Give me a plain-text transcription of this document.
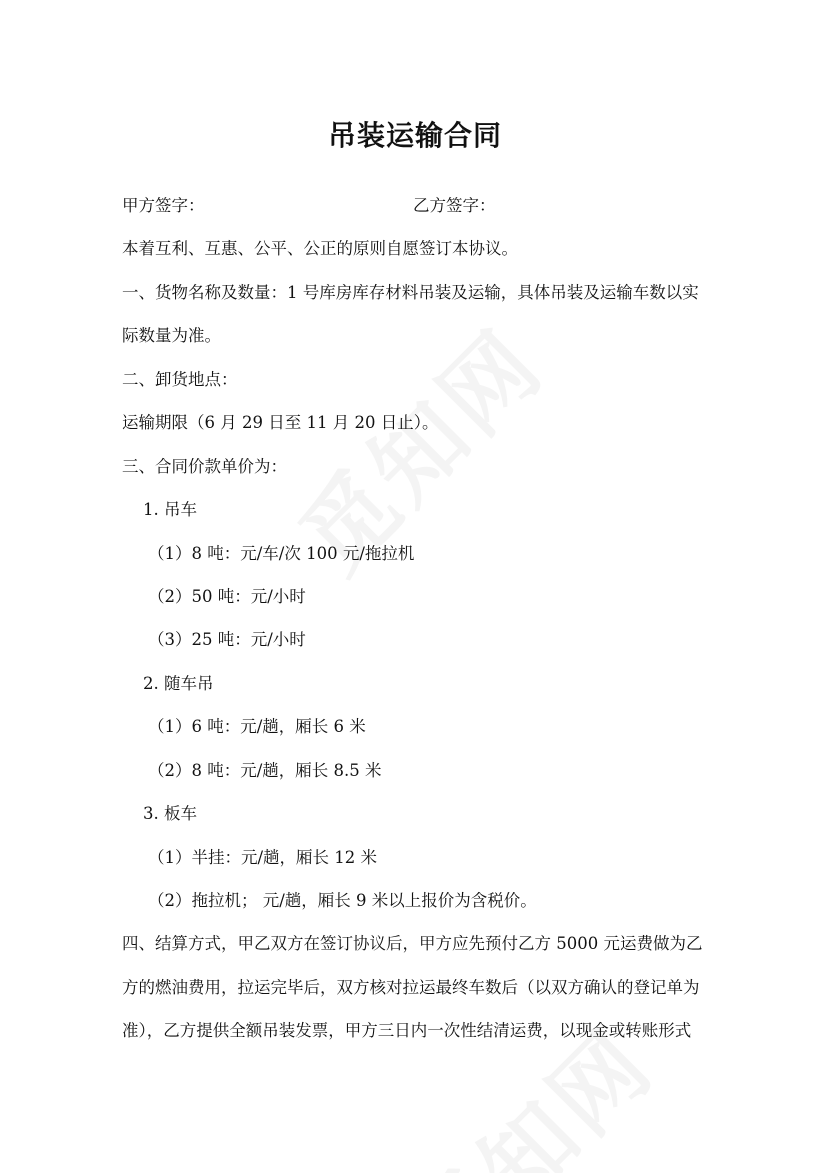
吊装运输合同
甲方签字：	乙方签字：
本着互利、互惠、公平、公正的原则自愿签订本协议。
一、货物名称及数量：1 号库房库存材料吊装及运输，具体吊装及运输车数以实
际数量为准。
二、卸货地点：
运输期限（6 月 29 日至 11 月 20 日止）。
三、合同价款单价为：
1. 吊车
（1）8 吨：元/车/次 100 元/拖拉机
（2）50 吨：元/小时
（3）25 吨：元/小时
2. 随车吊
（1）6 吨：元/趟，厢长 6 米
（2）8 吨：元/趟，厢长 8.5 米
3. 板车
（1）半挂：元/趟，厢长 12 米
（2）拖拉机； 元/趟，厢长 9 米以上报价为含税价。
四、结算方式，甲乙双方在签订协议后，甲方应先预付乙方 5000 元运费做为乙
方的燃油费用，拉运完毕后，双方核对拉运最终车数后（以双方确认的登记单为
准），乙方提供全额吊装发票，甲方三日内一次性结清运费，以现金或转账形式
